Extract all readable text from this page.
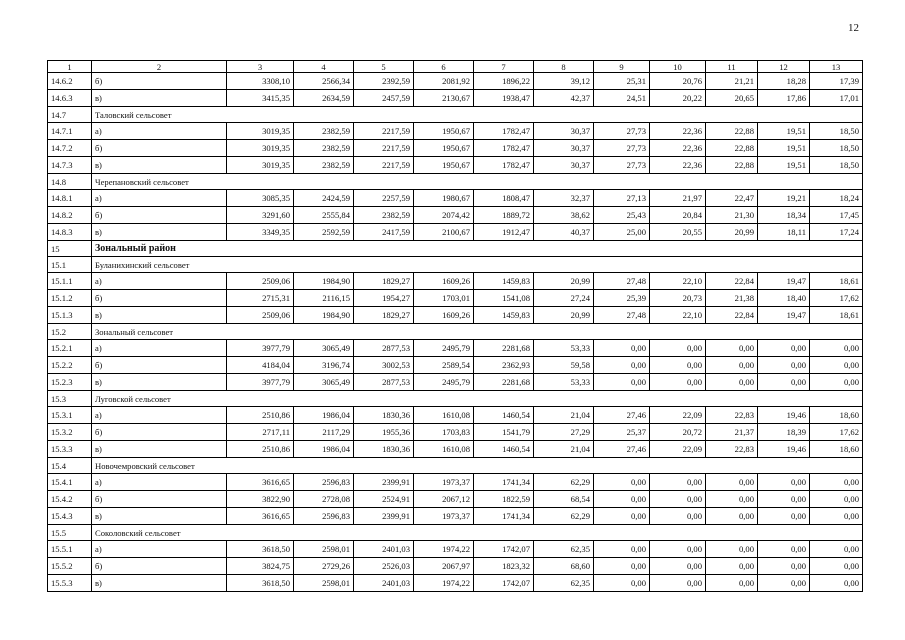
12
1	2	3	4	5	6	7	8	9	10	11	12	13
14.6.2	б)	3308,10	2566,34	2392,59	2081,92	1896,22	39,12	25,31	20,76	21,21	18,28	17,39
14.6.3	в)	3415,35	2634,59	2457,59	2130,67	1938,47	42,37	24,51	20,22	20,65	17,86	17,01
14.7	Таловский сельсовет											
14.7.1	а)	3019,35	2382,59	2217,59	1950,67	1782,47	30,37	27,73	22,36	22,88	19,51	18,50
14.7.2	б)	3019,35	2382,59	2217,59	1950,67	1782,47	30,37	27,73	22,36	22,88	19,51	18,50
14.7.3	в)	3019,35	2382,59	2217,59	1950,67	1782,47	30,37	27,73	22,36	22,88	19,51	18,50
14.8	Черепановский сельсовет											
14.8.1	а)	3085,35	2424,59	2257,59	1980,67	1808,47	32,37	27,13	21,97	22,47	19,21	18,24
14.8.2	б)	3291,60	2555,84	2382,59	2074,42	1889,72	38,62	25,43	20,84	21,30	18,34	17,45
14.8.3	в)	3349,35	2592,59	2417,59	2100,67	1912,47	40,37	25,00	20,55	20,99	18,11	17,24
15	Зональный район											
15.1	Буланихинский сельсовет											
15.1.1	а)	2509,06	1984,90	1829,27	1609,26	1459,83	20,99	27,48	22,10	22,84	19,47	18,61
15.1.2	б)	2715,31	2116,15	1954,27	1703,01	1541,08	27,24	25,39	20,73	21,38	18,40	17,62
15.1.3	в)	2509,06	1984,90	1829,27	1609,26	1459,83	20,99	27,48	22,10	22,84	19,47	18,61
15.2	Зональный сельсовет											
15.2.1	а)	3977,79	3065,49	2877,53	2495,79	2281,68	53,33	0,00	0,00	0,00	0,00	0,00
15.2.2	б)	4184,04	3196,74	3002,53	2589,54	2362,93	59,58	0,00	0,00	0,00	0,00	0,00
15.2.3	в)	3977,79	3065,49	2877,53	2495,79	2281,68	53,33	0,00	0,00	0,00	0,00	0,00
15.3	Луговской сельсовет											
15.3.1	а)	2510,86	1986,04	1830,36	1610,08	1460,54	21,04	27,46	22,09	22,83	19,46	18,60
15.3.2	б)	2717,11	2117,29	1955,36	1703,83	1541,79	27,29	25,37	20,72	21,37	18,39	17,62
15.3.3	в)	2510,86	1986,04	1830,36	1610,08	1460,54	21,04	27,46	22,09	22,83	19,46	18,60
15.4	Новочемровский сельсовет											
15.4.1	а)	3616,65	2596,83	2399,91	1973,37	1741,34	62,29	0,00	0,00	0,00	0,00	0,00
15.4.2	б)	3822,90	2728,08	2524,91	2067,12	1822,59	68,54	0,00	0,00	0,00	0,00	0,00
15.4.3	в)	3616,65	2596,83	2399,91	1973,37	1741,34	62,29	0,00	0,00	0,00	0,00	0,00
15.5	Соколовский сельсовет											
15.5.1	а)	3618,50	2598,01	2401,03	1974,22	1742,07	62,35	0,00	0,00	0,00	0,00	0,00
15.5.2	б)	3824,75	2729,26	2526,03	2067,97	1823,32	68,60	0,00	0,00	0,00	0,00	0,00
15.5.3	в)	3618,50	2598,01	2401,03	1974,22	1742,07	62,35	0,00	0,00	0,00	0,00	0,00
